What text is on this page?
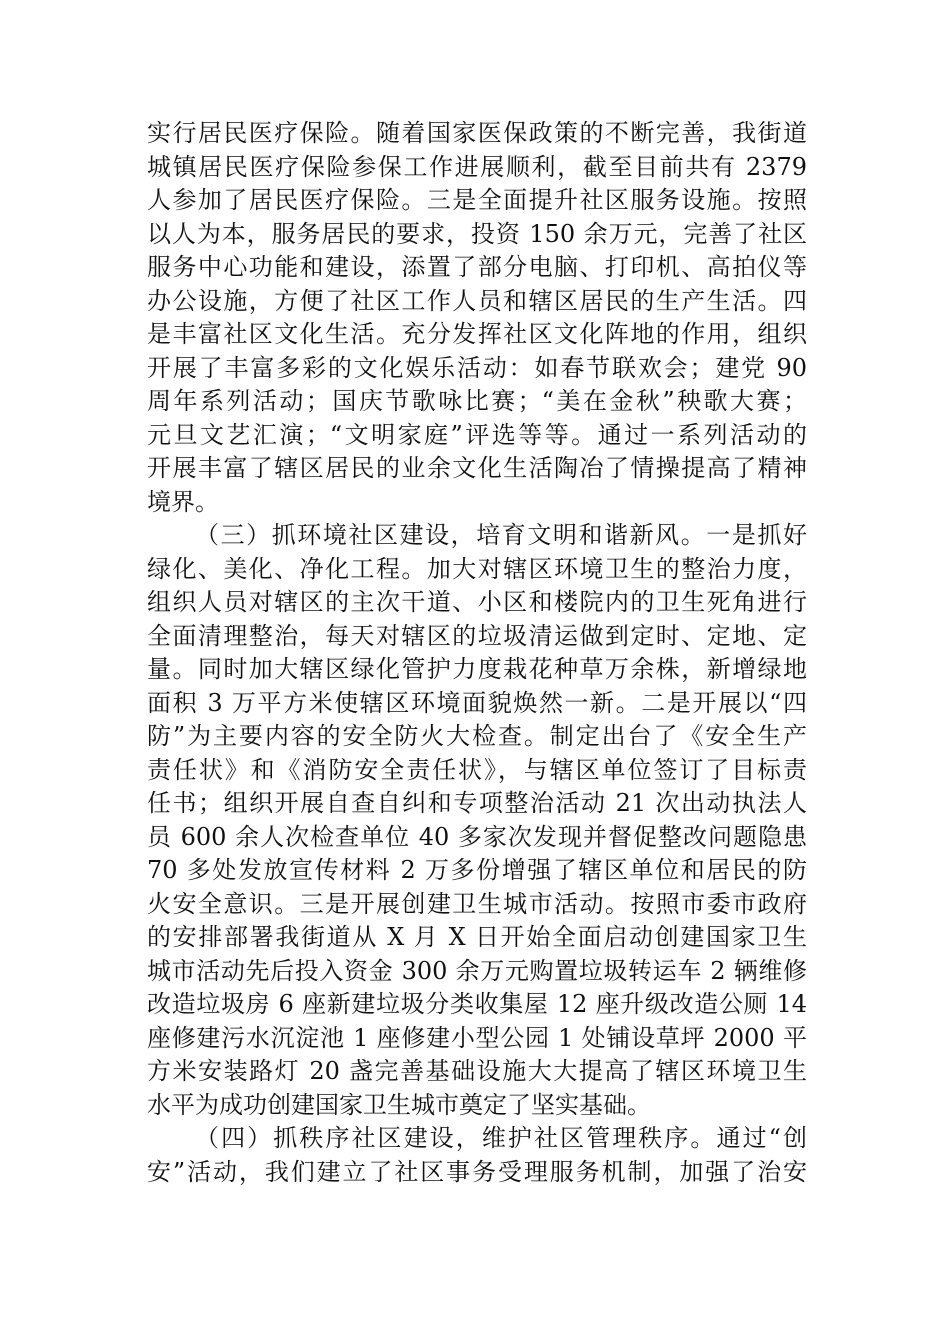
实行居民医疗保险。随着国家医保政策的不断完善，我街道
城镇居民医疗保险参保工作进展顺利，截至目前共有 2379
人参加了居民医疗保险。三是全面提升社区服务设施。按照
以人为本，服务居民的要求，投资 150 余万元，完善了社区
服务中心功能和建设，添置了部分电脑、打印机、高拍仪等
办公设施，方便了社区工作人员和辖区居民的生产生活。四
是丰富社区文化生活。充分发挥社区文化阵地的作用，组织
开展了丰富多彩的文化娱乐活动：如春节联欢会；建党 90
周年系列活动；国庆节歌咏比赛；“美在金秋”秧歌大赛；
元旦文艺汇演；“文明家庭”评选等等。通过一系列活动的
开展丰富了辖区居民的业余文化生活陶冶了情操提高了精神
境界。
（三）抓环境社区建设，培育文明和谐新风。一是抓好
绿化、美化、净化工程。加大对辖区环境卫生的整治力度，
组织人员对辖区的主次干道、小区和楼院内的卫生死角进行
全面清理整治，每天对辖区的垃圾清运做到定时、定地、定
量。同时加大辖区绿化管护力度栽花种草万余株，新增绿地
面积 3 万平方米使辖区环境面貌焕然一新。二是开展以“四
防”为主要内容的安全防火大检查。制定出台了《安全生产
责任状》和《消防安全责任状》，与辖区单位签订了目标责
任书；组织开展自查自纠和专项整治活动 21 次出动执法人
员 600 余人次检查单位 40 多家次发现并督促整改问题隐患
70 多处发放宣传材料 2 万多份增强了辖区单位和居民的防
火安全意识。三是开展创建卫生城市活动。按照市委市政府
的安排部署我街道从 X 月 X 日开始全面启动创建国家卫生
城市活动先后投入资金 300 余万元购置垃圾转运车 2 辆维修
改造垃圾房 6 座新建垃圾分类收集屋 12 座升级改造公厕 14
座修建污水沉淀池 1 座修建小型公园 1 处铺设草坪 2000 平
方米安装路灯 20 盏完善基础设施大大提高了辖区环境卫生
水平为成功创建国家卫生城市奠定了坚实基础。
（四）抓秩序社区建设，维护社区管理秩序。通过“创
安”活动，我们建立了社区事务受理服务机制，加强了治安
